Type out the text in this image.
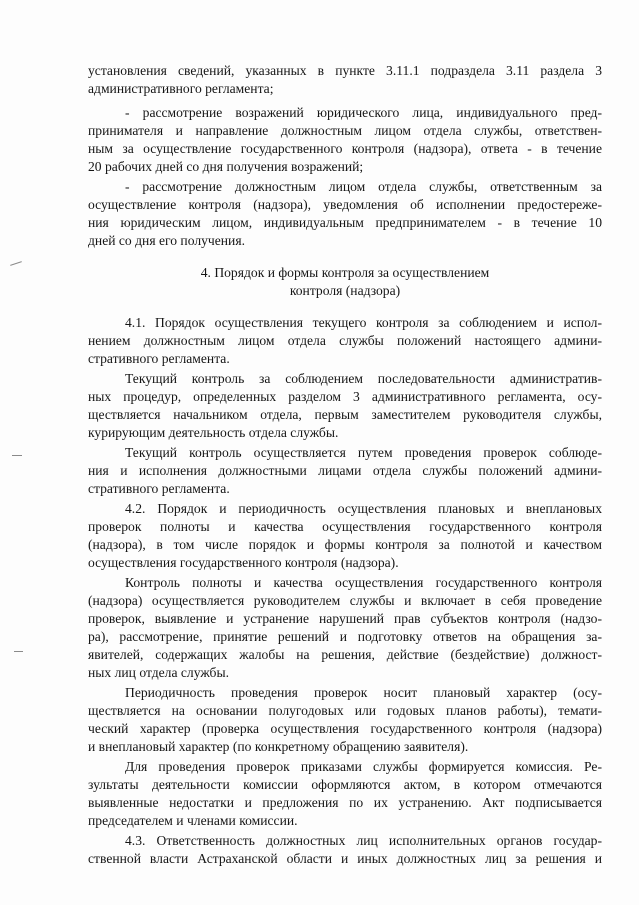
установления сведений, указанных в пункте 3.11.1 подраздела 3.11 раздела 3
административного регламента;
- рассмотрение возражений юридического лица, индивидуального пред-
принимателя и направление должностным лицом отдела службы, ответствен-
ным за осуществление государственного контроля (надзора), ответа - в течение
20 рабочих дней со дня получения возражений;
- рассмотрение должностным лицом отдела службы, ответственным за
осуществление контроля (надзора), уведомления об исполнении предостереже-
ния юридическим лицом, индивидуальным предпринимателем - в течение 10
дней со дня его получения.
4. Порядок и формы контроля за осуществлением
контроля (надзора)
4.1. Порядок осуществления текущего контроля за соблюдением и испол-
нением должностным лицом отдела службы положений настоящего админи-
стративного регламента.
Текущий контроль за соблюдением последовательности административ-
ных процедур, определенных разделом 3 административного регламента, осу-
ществляется начальником отдела, первым заместителем руководителя службы,
курирующим деятельность отдела службы.
Текущий контроль осуществляется путем проведения проверок соблюде-
ния и исполнения должностными лицами отдела службы положений админи-
стративного регламента.
4.2. Порядок и периодичность осуществления плановых и внеплановых
проверок полноты и качества осуществления государственного контроля
(надзора), в том числе порядок и формы контроля за полнотой и качеством
осуществления государственного контроля (надзора).
Контроль полноты и качества осуществления государственного контроля
(надзора) осуществляется руководителем службы и включает в себя проведение
проверок, выявление и устранение нарушений прав субъектов контроля (надзо-
ра), рассмотрение, принятие решений и подготовку ответов на обращения за-
явителей, содержащих жалобы на решения, действие (бездействие) должност-
ных лиц отдела службы.
Периодичность проведения проверок носит плановый характер (осу-
ществляется на основании полугодовых или годовых планов работы), темати-
ческий характер (проверка осуществления государственного контроля (надзора)
и внеплановый характер (по конкретному обращению заявителя).
Для проведения проверок приказами службы формируется комиссия. Ре-
зультаты деятельности комиссии оформляются актом, в котором отмечаются
выявленные недостатки и предложения по их устранению. Акт подписывается
председателем и членами комиссии.
4.3. Ответственность должностных лиц исполнительных органов государ-
ственной власти Астраханской области и иных должностных лиц за решения и
